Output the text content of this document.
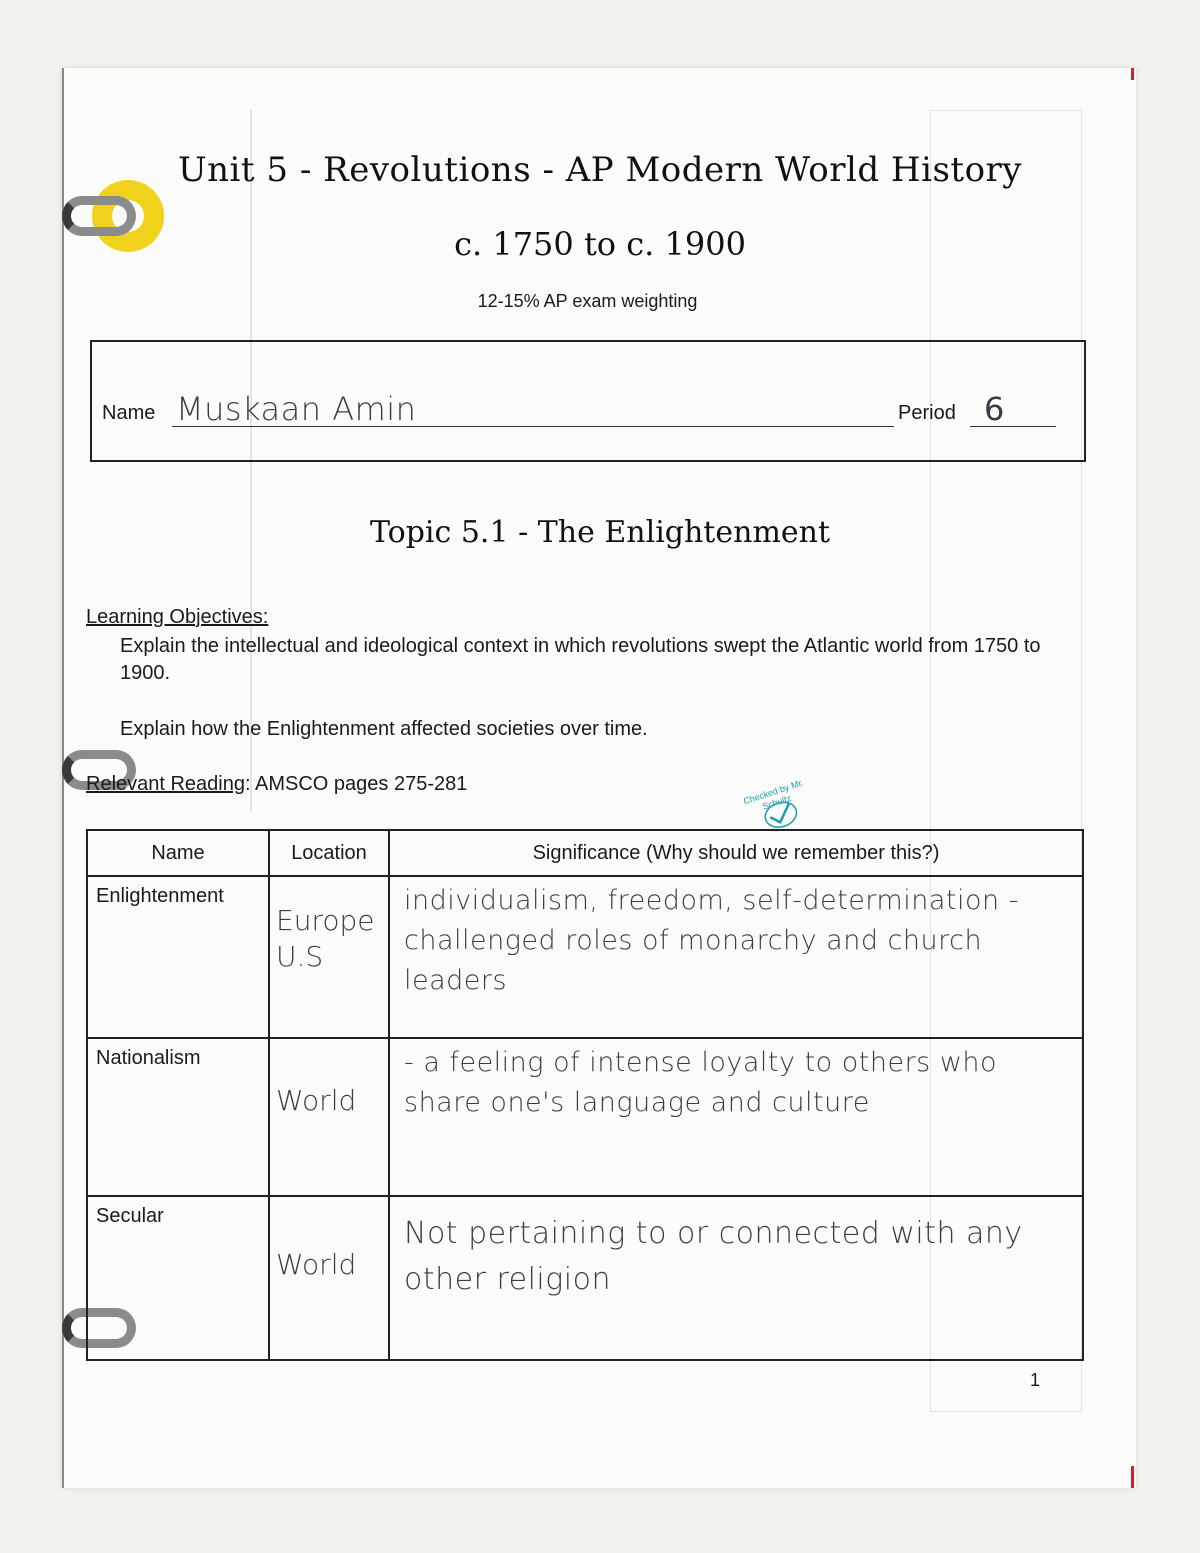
Unit 5 - Revolutions - AP Modern World History
c. 1750 to c. 1900
12-15% AP exam weighting
Name Muskaan Amin	Period 6
Topic 5.1 - The Enlightenment
Learning Objectives:
Explain the intellectual and ideological context in which revolutions swept the Atlantic world from 1750 to 1900.
Explain how the Enlightenment affected societies over time.
Relevant Reading: AMSCO pages 275-281	Checked by Mr. Schultz
Name	Location	Significance (Why should we remember this?)

Enlightenment	Europe U.S	individualism, freedom, self-determination -challenged roles of monarchy and church leaders

Nationalism	World	- a feeling of intense loyalty to others who share one's language and culture

Secular	World	Not pertaining to or connected with any other religion
1
